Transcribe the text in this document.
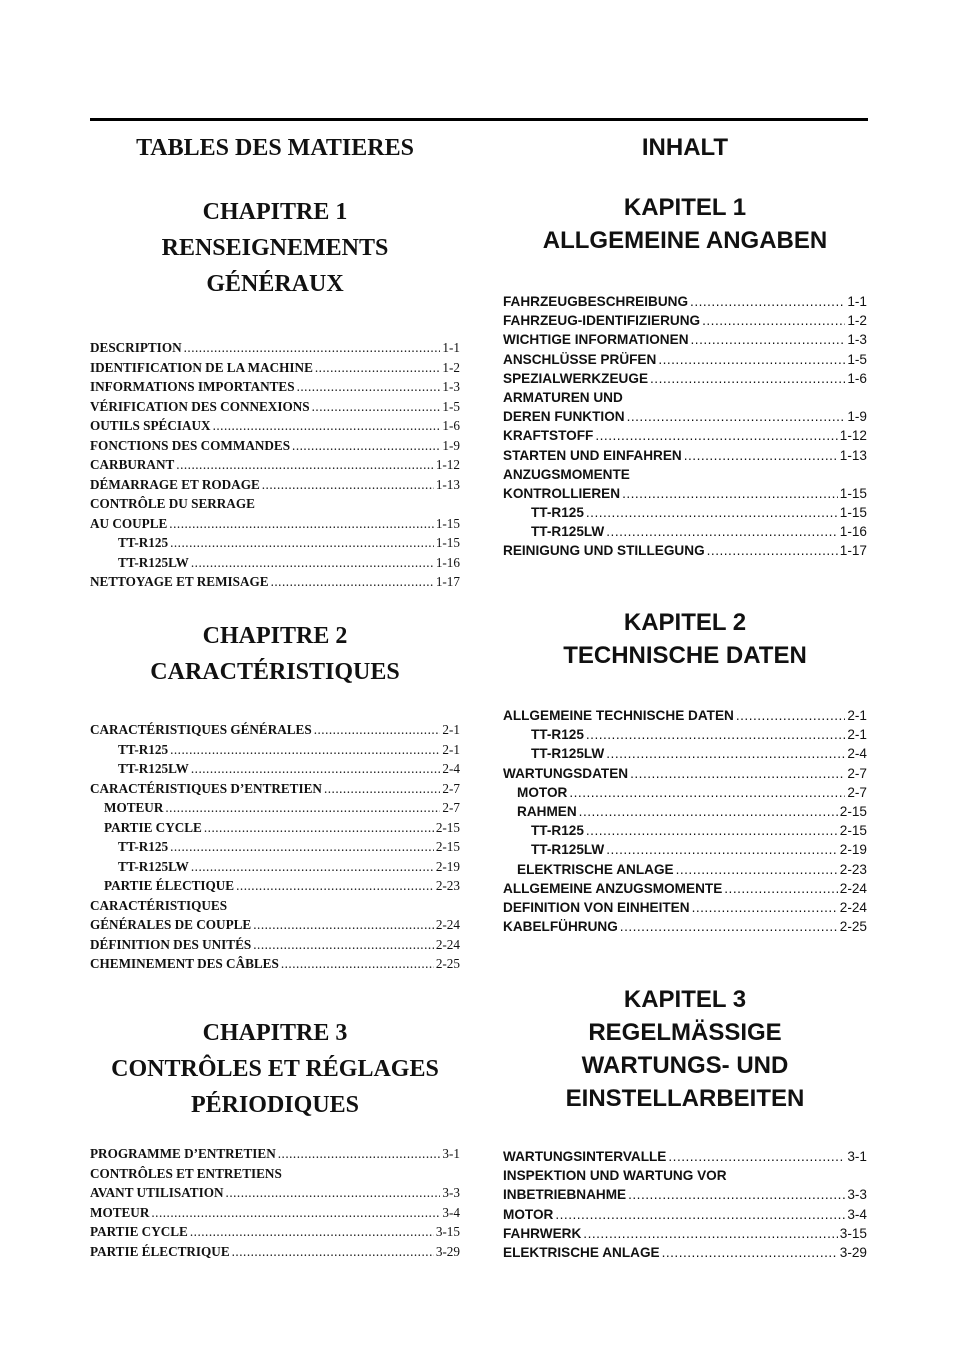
TABLES DES MATIERES
CHAPITRE 1
RENSEIGNEMENTS
GÉNÉRAUX
DESCRIPTION .....	1-1
IDENTIFICATION DE LA MACHINE .....	1-2
INFORMATIONS IMPORTANTES .....	1-3
VÉRIFICATION DES CONNEXIONS .....	1-5
OUTILS SPÉCIAUX .....	1-6
FONCTIONS DES COMMANDES .....	1-9
CARBURANT .....	1-12
DÉMARRAGE ET RODAGE .....	1-13
CONTRÔLE DU SERRAGE
AU COUPLE .....	1-15
TT-R125 .....	1-15
TT-R125LW .....	1-16
NETTOYAGE ET REMISAGE .....	1-17
CHAPITRE 2
CARACTÉRISTIQUES
CARACTÉRISTIQUES GÉNÉRALES .....	2-1
TT-R125 .....	2-1
TT-R125LW .....	2-4
CARACTÉRISTIQUES D’ENTRETIEN .....	2-7
MOTEUR .....	2-7
PARTIE CYCLE .....	2-15
TT-R125 .....	2-15
TT-R125LW .....	2-19
PARTIE ÉLECTIQUE .....	2-23
CARACTÉRISTIQUES
GÉNÉRALES DE COUPLE .....	2-24
DÉFINITION DES UNITÉS .....	2-24
CHEMINEMENT DES CÂBLES .....	2-25
CHAPITRE 3
CONTRÔLES ET RÉGLAGES
PÉRIODIQUES
PROGRAMME D’ENTRETIEN .....	3-1
CONTRÔLES ET ENTRETIENS
AVANT UTILISATION .....	3-3
MOTEUR .....	3-4
PARTIE CYCLE .....	3-15
PARTIE ÉLECTRIQUE .....	3-29
INHALT
KAPITEL 1
ALLGEMEINE ANGABEN
FAHRZEUGBESCHREIBUNG .....	1-1
FAHRZEUG-IDENTIFIZIERUNG .....	1-2
WICHTIGE INFORMATIONEN .....	1-3
ANSCHLÜSSE PRÜFEN .....	1-5
SPEZIALWERKZEUGE .....	1-6
ARMATUREN UND
DEREN FUNKTION .....	1-9
KRAFTSTOFF .....	1-12
STARTEN UND EINFAHREN .....	1-13
ANZUGSMOMENTE
KONTROLLIEREN .....	1-15
TT-R125 .....	1-15
TT-R125LW .....	1-16
REINIGUNG UND STILLEGUNG .....	1-17
KAPITEL 2
TECHNISCHE DATEN
ALLGEMEINE TECHNISCHE DATEN .....	2-1
TT-R125 .....	2-1
TT-R125LW .....	2-4
WARTUNGSDATEN .....	2-7
MOTOR .....	2-7
RAHMEN .....	2-15
TT-R125 .....	2-15
TT-R125LW .....	2-19
ELEKTRISCHE ANLAGE .....	2-23
ALLGEMEINE ANZUGSMOMENTE .....	2-24
DEFINITION VON EINHEITEN .....	2-24
KABELFÜHRUNG .....	2-25
KAPITEL 3
REGELMÄSSIGE
WARTUNGS- UND
EINSTELLARBEITEN
WARTUNGSINTERVALLE .....	3-1
INSPEKTION UND WARTUNG VOR
INBETRIEBNAHME .....	3-3
MOTOR .....	3-4
FAHRWERK .....	3-15
ELEKTRISCHE ANLAGE .....	3-29
